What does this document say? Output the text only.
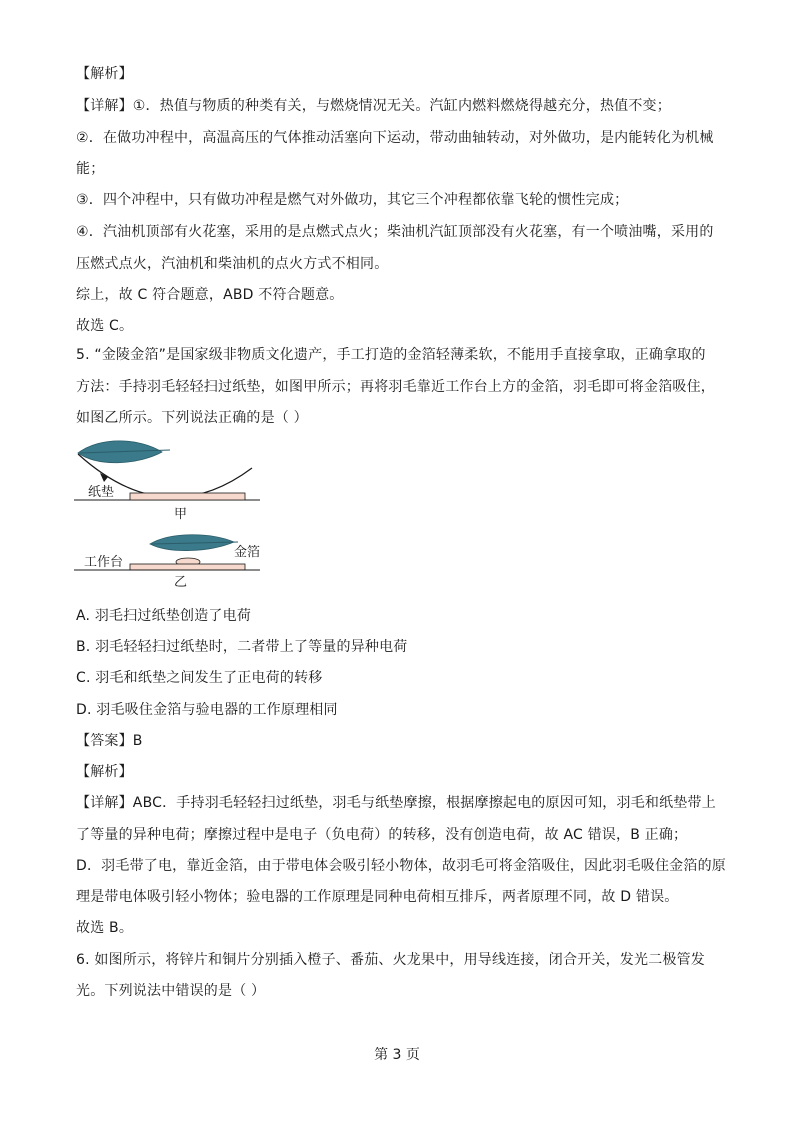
【解析】
【详解】①．热值与物质的种类有关，与燃烧情况无关。汽缸内燃料燃烧得越充分，热值不变；
②．在做功冲程中，高温高压的气体推动活塞向下运动，带动曲轴转动，对外做功，是内能转化为机械
能；
③．四个冲程中，只有做功冲程是燃气对外做功，其它三个冲程都依靠飞轮的惯性完成；
④．汽油机顶部有火花塞，采用的是点燃式点火；柴油机汽缸顶部没有火花塞，有一个喷油嘴，采用的
压燃式点火，汽油机和柴油机的点火方式不相同。
综上，故 C 符合题意，ABD 不符合题意。
故选 C。
5. “金陵金箔”是国家级非物质文化遗产，手工打造的金箔轻薄柔软，不能用手直接拿取，正确拿取的
方法：手持羽毛轻轻扫过纸垫，如图甲所示；再将羽毛靠近工作台上方的金箔，羽毛即可将金箔吸住，
如图乙所示。下列说法正确的是（ ）
纸垫
甲
工作台
金箔
乙
A. 羽毛扫过纸垫创造了电荷
B. 羽毛轻轻扫过纸垫时，二者带上了等量的异种电荷
C. 羽毛和纸垫之间发生了正电荷的转移
D. 羽毛吸住金箔与验电器的工作原理相同
【答案】B
【解析】
【详解】ABC．手持羽毛轻轻扫过纸垫，羽毛与纸垫摩擦，根据摩擦起电的原因可知，羽毛和纸垫带上
了等量的异种电荷；摩擦过程中是电子（负电荷）的转移，没有创造电荷，故 AC 错误，B 正确；
D．羽毛带了电，靠近金箔，由于带电体会吸引轻小物体，故羽毛可将金箔吸住，因此羽毛吸住金箔的原
理是带电体吸引轻小物体；验电器的工作原理是同种电荷相互排斥，两者原理不同，故 D 错误。
故选 B。
6. 如图所示，将锌片和铜片分别插入橙子、番茄、火龙果中，用导线连接，闭合开关，发光二极管发
光。下列说法中错误的是（ ）
第 3 页
